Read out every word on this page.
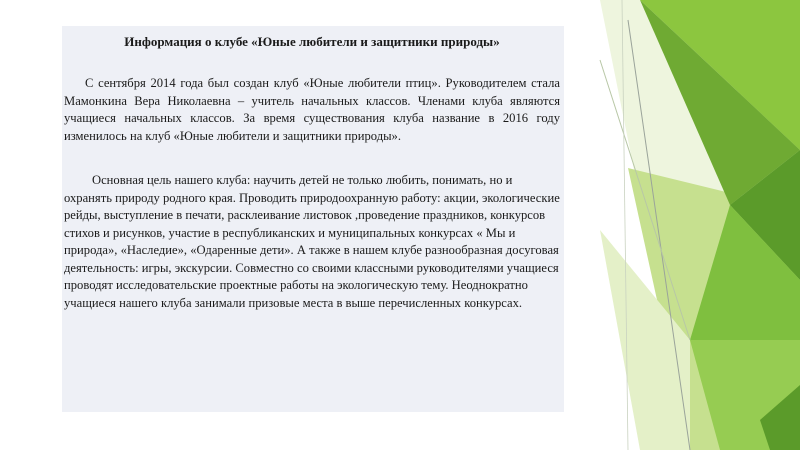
Информация о клубе «Юные любители и защитники природы»

С сентября 2014 года был создан клуб «Юные любители птиц». Руководителем стала Мамонкина Вера Николаевна – учитель начальных классов. Членами клуба являются учащиеся начальных классов. За время существования клуба название в 2016 году изменилось на клуб «Юные любители и защитники природы».

Основная цель нашего клуба: научить детей не только любить, понимать, но и охранять природу родного края. Проводить природоохранную работу: акции, экологические рейды, выступление в печати, расклеивание листовок ,проведение праздников, конкурсов стихов и рисунков, участие в республиканских и муниципальных конкурсах « Мы и природа», «Наследие», «Одаренные дети». А также в нашем клубе разнообразная досуговая деятельность: игры, экскурсии. Совместно со своими классными руководителями учащиеся проводят исследовательские проектные работы на экологическую тему. Неоднократно учащиеся нашего клуба занимали призовые места в выше перечисленных конкурсах.
